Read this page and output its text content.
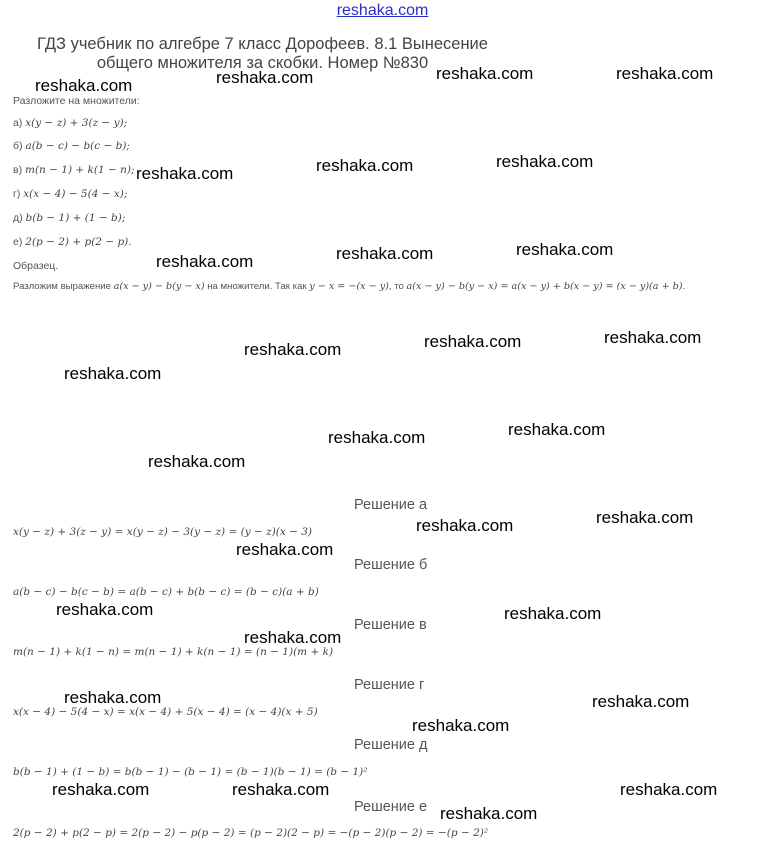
reshaka.com
ГДЗ учебник по алгебре 7 класс Дорофеев. 8.1 Вынесение
общего множителя за скобки. Номер №830
Разложите на множители:
а) x(y − z) + 3(z − y);
б) a(b − c) − b(c − b);
в) m(n − 1) + k(1 − n);
г) x(x − 4) − 5(4 − x);
д) b(b − 1) + (1 − b);
е) 2(p − 2) + p(2 − p).
Образец.
Разложим выражение a(x − y) − b(y − x) на множители. Так как y − x = −(x − y), то a(x − y) − b(y − x) = a(x − y) + b(x − y) = (x − y)(a + b).
Решение а
x(y − z) + 3(z − y) = x(y − z) − 3(y − z) = (y − z)(x − 3)
Решение б
a(b − c) − b(c − b) = a(b − c) + b(b − c) = (b − c)(a + b)
Решение в
m(n − 1) + k(1 − n) = m(n − 1) + k(n − 1) = (n − 1)(m + k)
Решение г
x(x − 4) − 5(4 − x) = x(x − 4) + 5(x − 4) = (x − 4)(x + 5)
Решение д
b(b − 1) + (1 − b) = b(b − 1) − (b − 1) = (b − 1)(b − 1) = (b − 1)²
Решение е
2(p − 2) + p(2 − p) = 2(p − 2) − p(p − 2) = (p − 2)(2 − p) = −(p − 2)(p − 2) = −(p − 2)²
reshaka.com	reshaka.com	reshaka.com	reshaka.com
reshaka.com	reshaka.com	reshaka.com
reshaka.com	reshaka.com	reshaka.com
reshaka.com
reshaka.com	reshaka.com	reshaka.com
reshaka.com
reshaka.com	reshaka.com
reshaka.com	reshaka.com
reshaka.com
reshaka.com	reshaka.com
reshaka.com
reshaka.com	reshaka.com
reshaka.com
reshaka.com	reshaka.com	reshaka.com
reshaka.com
